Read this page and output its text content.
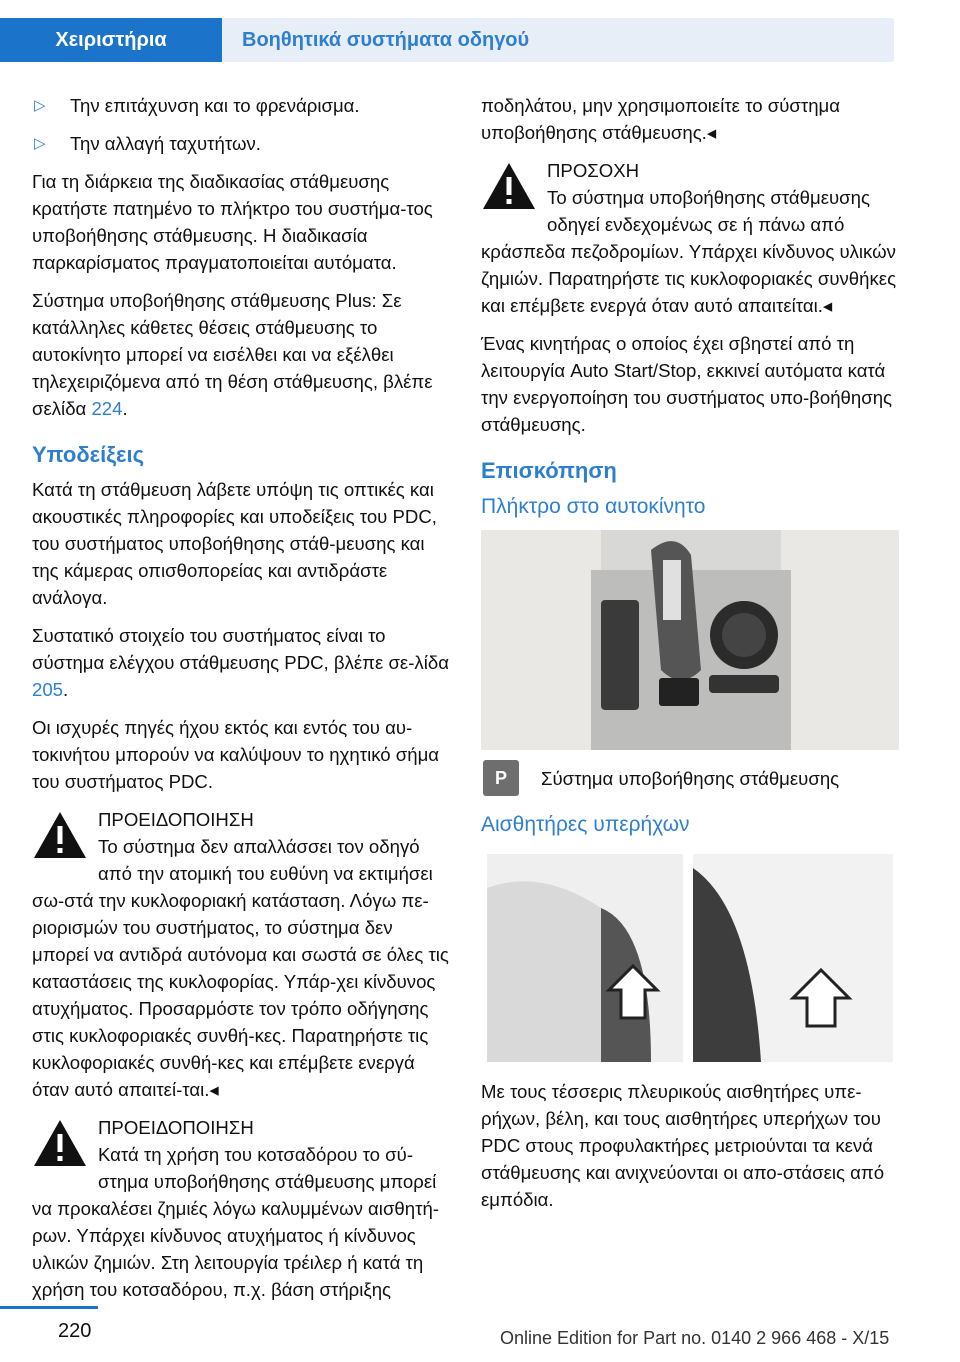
Χειριστήρια	Βοηθητικά συστήματα οδηγού
▷	Την επιτάχυνση και το φρενάρισμα.
▷	Την αλλαγή ταχυτήτων.

Για τη διάρκεια της διαδικασίας στάθμευσης κρατήστε πατημένο το πλήκτρο του συστήμα-τος υποβοήθησης στάθμευσης. Η διαδικασία παρκαρίσματος πραγματοποιείται αυτόματα.

Σύστημα υποβοήθησης στάθμευσης Plus: Σε κατάλληλες κάθετες θέσεις στάθμευσης το αυτοκίνητο μπορεί να εισέλθει και να εξέλθει τηλεχειριζόμενα από τη θέση στάθμευσης, βλέπε σελίδα 224.

Υποδείξεις

Κατά τη στάθμευση λάβετε υπόψη τις οπτικές και ακουστικές πληροφορίες και υποδείξεις του PDC, του συστήματος υποβοήθησης στάθ-μευσης και της κάμερας οπισθοπορείας και αντιδράστε ανάλογα.

Συστατικό στοιχείο του συστήματος είναι το σύστημα ελέγχου στάθμευσης PDC, βλέπε σε-λίδα 205.

Οι ισχυρές πηγές ήχου εκτός και εντός του αυ-τοκινήτου μπορούν να καλύψουν το ηχητικό σήμα του συστήματος PDC.

ΠΡΟΕΙΔΟΠΟΙΗΣΗ
Το σύστημα δεν απαλλάσσει τον οδηγό από την ατομική του ευθύνη να εκτιμήσει σω-στά την κυκλοφοριακή κατάσταση. Λόγω πε-ριορισμών του συστήματος, το σύστημα δεν μπορεί να αντιδρά αυτόνομα και σωστά σε όλες τις καταστάσεις της κυκλοφορίας. Υπάρ-χει κίνδυνος ατυχήματος. Προσαρμόστε τον τρόπο οδήγησης στις κυκλοφοριακές συνθή-κες. Παρατηρήστε τις κυκλοφοριακές συνθή-κες και επέμβετε ενεργά όταν αυτό απαιτεί-ται.◂
ΠΡΟΕΙΔΟΠΟΙΗΣΗ
Κατά τη χρήση του κοτσαδόρου το σύ-στημα υποβοήθησης στάθμευσης μπορεί να προκαλέσει ζημιές λόγω καλυμμένων αισθητή-ρων. Υπάρχει κίνδυνος ατυχήματος ή κίνδυνος υλικών ζημιών. Στη λειτουργία τρέιλερ ή κατά τη χρήση του κοτσαδόρου, π.χ. βάση στήριξης

ποδηλάτου, μην χρησιμοποιείτε το σύστημα υποβοήθησης στάθμευσης.◂

ΠΡΟΣΟΧΗ
Το σύστημα υποβοήθησης στάθμευσης οδηγεί ενδεχομένως σε ή πάνω από κράσπεδα πεζοδρομίων. Υπάρχει κίνδυνος υλικών ζημιών. Παρατηρήστε τις κυκλοφοριακές συνθήκες και επέμβετε ενεργά όταν αυτό απαιτείται.◂

Ένας κινητήρας ο οποίος έχει σβηστεί από τη λειτουργία Auto Start/Stop, εκκινεί αυτόματα κατά την ενεργοποίηση του συστήματος υπο-βοήθησης στάθμευσης.

Επισκόπηση
Πλήκτρο στο αυτοκίνητο
P	Σύστημα υποβοήθησης στάθμευσης
Αισθητήρες υπερήχων

Με τους τέσσερις πλευρικούς αισθητήρες υπε-ρήχων, βέλη, και τους αισθητήρες υπερήχων του PDC στους προφυλακτήρες μετριούνται τα κενά στάθμευσης και ανιχνεύονται οι απο-στάσεις από εμπόδια.

220	Online Edition for Part no. 0140 2 966 468 - X/15
